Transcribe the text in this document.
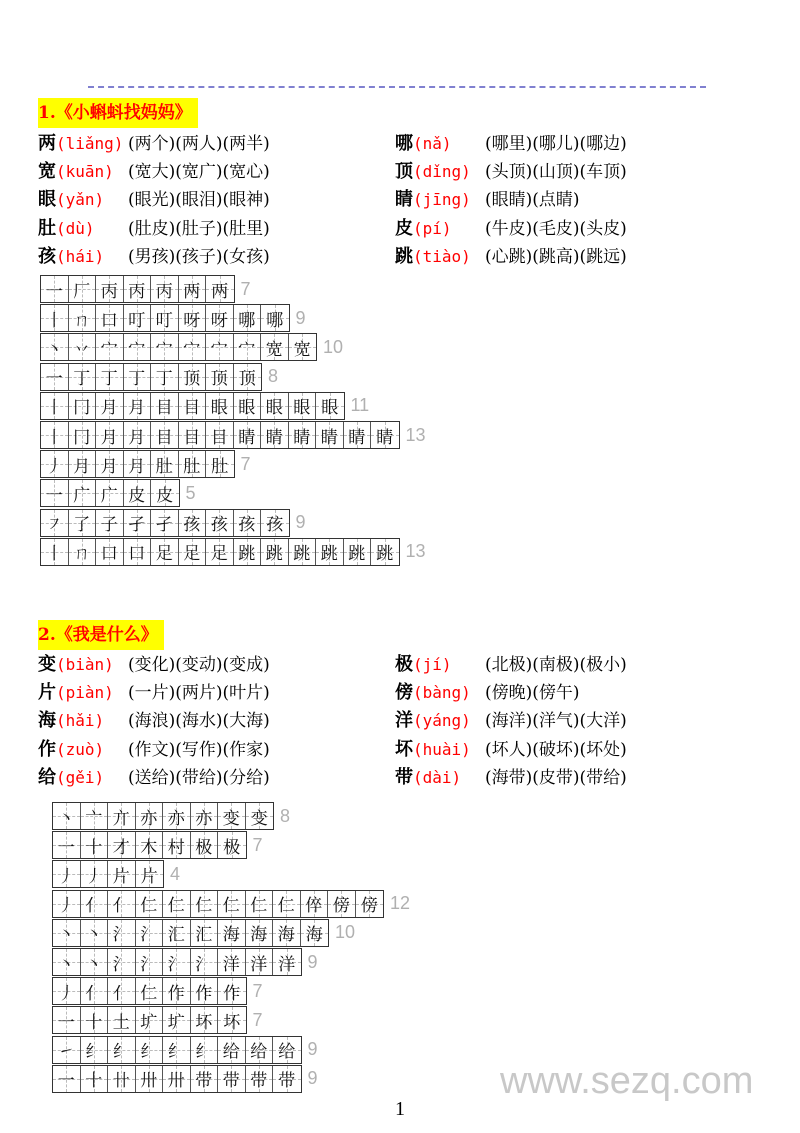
1.《小蝌蚪找妈妈》
两(liǎng) (两个)(两人)(两半)	哪(nǎ) (哪里)(哪儿)(哪边)
宽(kuān) (宽大)(宽广)(宽心)	顶(dǐng) (头顶)(山顶)(车顶)
眼(yǎn) (眼光)(眼泪)(眼神)	睛(jīng) (眼睛)(点睛)
肚(dù) (肚皮)(肚子)(肚里)	皮(pí) (牛皮)(毛皮)(头皮)
孩(hái) (男孩)(孩子)(女孩)	跳(tiào) (心跳)(跳高)(跳远)
一 厂 丙 丙 丙 两 两 7
丨 ㄇ 口 叮 叮 呀 呀 哪 哪 9
丶 丷 宀 宀 宀 宀 宀 宀 宽 宽 10
一 丁 丁 丁 丁 顶 顶 顶 8
丨 冂 月 月 目 目 眼 眼 眼 眼 眼 11
丨 冂 月 月 目 目 目 睛 睛 睛 睛 睛 睛 13
丿 月 月 月 肚 肚 肚 7
一 广 广 皮 皮 5
㇇ 了 子 孑 孑 孩 孩 孩 孩 9
丨 ㄇ 口 口 足 足 足 跳 跳 跳 跳 跳 跳 13
2.《我是什么》
变(biàn) (变化)(变动)(变成)	极(jí) (北极)(南极)(极小)
片(piàn) (一片)(两片)(叶片)	傍(bàng) (傍晚)(傍午)
海(hǎi) (海浪)(海水)(大海)	洋(yáng) (海洋)(洋气)(大洋)
作(zuò) (作文)(写作)(作家)	坏(huài) (坏人)(破坏)(坏处)
给(gěi) (送给)(带给)(分给)	带(dài) (海带)(皮带)(带给)
丶 亠 亣 亦 亦 亦 变 变 8
一 十 才 木 村 极 极 7
丿 丿 片 片 4
丿 亻 亻 仁 仁 仁 仁 仁 仁 倅 傍 傍 12
丶 丶 氵 氵 汇 汇 海 海 海 海 10
丶 丶 氵 氵 氵 氵 洋 洋 洋 9
丿 亻 亻 仁 作 作 作 7
一 十 土 圹 圹 坏 坏 7
㇀ 纟 纟 纟 纟 纟 给 给 给 9
一 十 卄 卅 卅 带 带 带 带 9	www.sezq.com
1
